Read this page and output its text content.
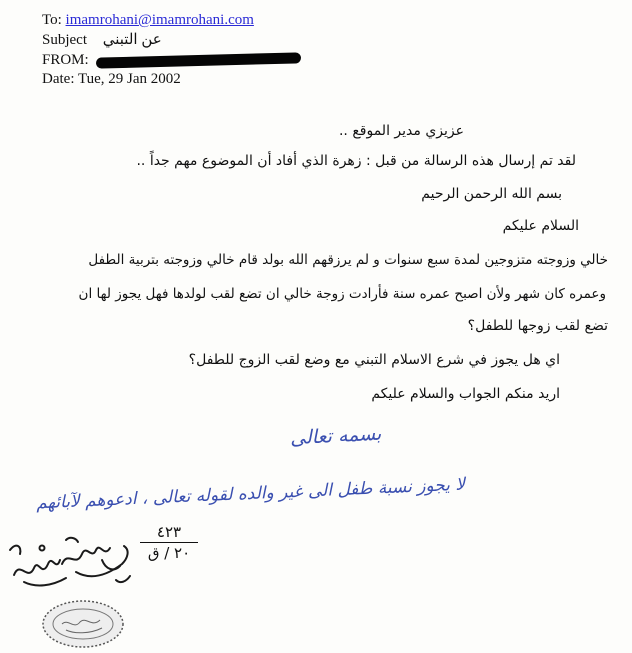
To: imamrohani@imamrohani.com
Subject عن التبني
FROM:
Date: Tue, 29 Jan 2002
عزيزي مدير الموقع ..
لقد تم إرسال هذه الرسالة من قبل : زهرة الذي أفاد أن الموضوع مهم جداً ..
بسم الله الرحمن الرحيم
السلام عليكم
خالي وزوجته متزوجين لمدة سبع سنوات و لم يرزقهم الله بولد قام خالي وزوجته بتربية الطفل
وعمره كان شهر ولأن اصبح عمره سنة فأرادت زوجة خالي ان تضع لقب لولدها فهل يجوز لها ان
تضع لقب زوجها للطفل؟
اي هل يجوز في شرع الاسلام التبني مع وضع لقب الزوج للطفل؟
اريد منكم الجواب والسلام عليكم
بسمه تعالى
لا يجوز نسبة طفل الى غير والده لقوله تعالى ، ادعوهم لآبائهم
٤٢٣
٢٠ / ق
